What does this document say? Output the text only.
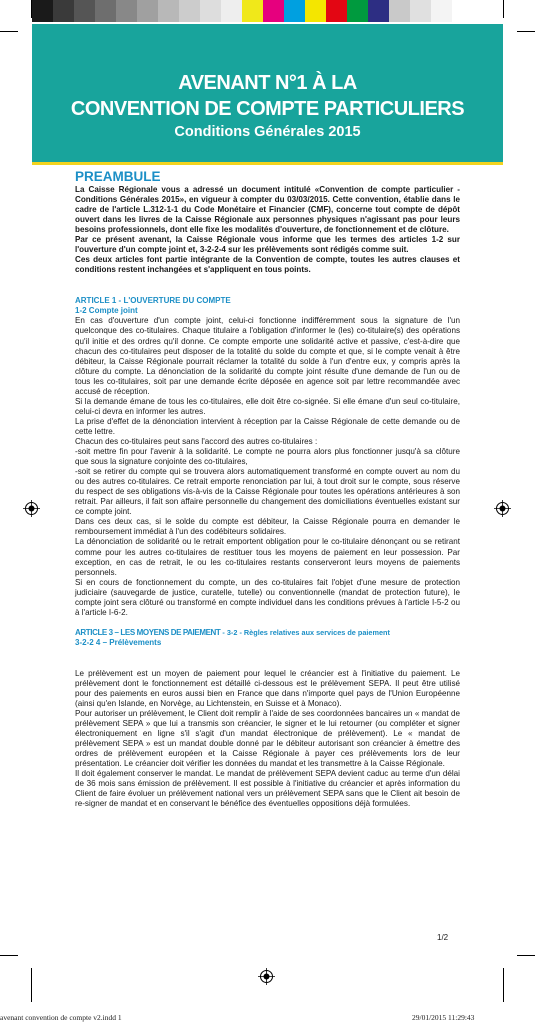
AVENANT N°1 À LA
CONVENTION DE COMPTE PARTICULIERS
Conditions Générales 2015
PREAMBULE

La Caisse Régionale vous a adressé un document intitulé «Convention de compte particulier - Conditions Générales 2015», en vigueur à compter du 03/03/2015. Cette convention, établie dans le cadre de l'article L.312-1-1 du Code Monétaire et Financier (CMF), concerne tout compte de dépôt ouvert dans les livres de la Caisse Régionale aux personnes physiques n'agissant pas pour leurs besoins professionnels, dont elle fixe les modalités d'ouverture, de fonctionnement et de clôture.

Par ce présent avenant, la Caisse Régionale vous informe que les termes des articles 1-2 sur l'ouverture d'un compte joint et, 3-2-2-4 sur les prélèvements sont rédigés comme suit.

Ces deux articles font partie intégrante de la Convention de compte, toutes les autres clauses et conditions restent inchangées et s'appliquent en tous points.

ARTICLE 1 - L'OUVERTURE DU COMPTE
1-2 Compte joint

En cas d'ouverture d'un compte joint, celui-ci fonctionne indifféremment sous la signature de l'un quelconque des co-titulaires. Chaque titulaire a l'obligation d'informer le (les) co-titulaire(s) des opérations qu'il initie et des ordres qu'il donne. Ce compte emporte une solidarité active et passive, c'est-à-dire que chacun des co-titulaires peut disposer de la totalité du solde du compte et que, si le compte venait à être débiteur, la Caisse Régionale pourrait réclamer la totalité du solde à l'un d'entre eux, y compris après la clôture du compte. La dénonciation de la solidarité du compte joint résulte d'une demande de l'un ou de tous les co-titulaires, soit par une demande écrite déposée en agence soit par lettre recommandée avec accusé de réception.

Si la demande émane de tous les co-titulaires, elle doit être co-signée. Si elle émane d'un seul co-titulaire, celui-ci devra en informer les autres.

La prise d'effet de la dénonciation intervient à réception par la Caisse Régionale de cette demande ou de cette lettre.

Chacun des co-titulaires peut sans l'accord des autres co-titulaires :

-soit mettre fin pour l'avenir à la solidarité. Le compte ne pourra alors plus fonctionner jusqu'à sa clôture que sous la signature conjointe des co-titulaires,

-soit se retirer du compte qui se trouvera alors automatiquement transformé en compte ouvert au nom du ou des autres co-titulaires. Ce retrait emporte renonciation par lui, à tout droit sur le compte, sous réserve du respect de ses obligations vis-à-vis de la Caisse Régionale pour toutes les opérations antérieures à son retrait. Par ailleurs, il fait son affaire personnelle du changement des domiciliations éventuelles existant sur ce compte joint.

Dans ces deux cas, si le solde du compte est débiteur, la Caisse Régionale pourra en demander le remboursement immédiat à l'un des codébiteurs solidaires.

La dénonciation de solidarité ou le retrait emportent obligation pour le co-titulaire dénonçant ou se retirant comme pour les autres co-titulaires de restituer tous les moyens de paiement en leur possession. Par exception, en cas de retrait, le ou les co-titulaires restants conserveront leurs moyens de paiements personnels.

Si en cours de fonctionnement du compte, un des co-titulaires fait l'objet d'une mesure de protection judiciaire (sauvegarde de justice, curatelle, tutelle) ou conventionnelle (mandat de protection future), le compte joint sera clôturé ou transformé en compte individuel dans les conditions prévues à l'article I-5-2 ou à l'article I-6-2.

ARTICLE 3 – LES MOYENS DE PAIEMENT - 3-2 - Règles relatives aux services de paiement
3-2-2 4 – Prélèvements

Le prélèvement est un moyen de paiement pour lequel le créancier est à l'initiative du paiement. Le prélèvement dont le fonctionnement est détaillé ci-dessous est le prélèvement SEPA. Il peut être utilisé pour des paiements en euros aussi bien en France que dans n'importe quel pays de l'Union Européenne (ainsi qu'en Islande, en Norvège, au Lichtenstein, en Suisse et à Monaco).

Pour autoriser un prélèvement, le Client doit remplir à l'aide de ses coordonnées bancaires un « mandat de prélèvement SEPA » que lui a transmis son créancier, le signer et le lui retourner (ou compléter et signer électroniquement en ligne s'il s'agit d'un mandat électronique de prélèvement). Le « mandat de prélèvement SEPA » est un mandat double donné par le débiteur autorisant son créancier à émettre des ordres de prélèvement européen et la Caisse Régionale à payer ces prélèvements lors de leur présentation. Le créancier doit vérifier les données du mandat et les transmettre à la Caisse Régionale.

Il doit également conserver le mandat. Le mandat de prélèvement SEPA devient caduc au terme d'un délai de 36 mois sans émission de prélèvement. Il est possible à l'initiative du créancier et après information du Client de faire évoluer un prélèvement national vers un prélèvement SEPA sans que le Client ait besoin de re-signer de mandat et en conservant le bénéfice des éventuelles oppositions déjà formulées.

1/2
avenant convention de compte v2.indd 1	29/01/2015 11:29:43
